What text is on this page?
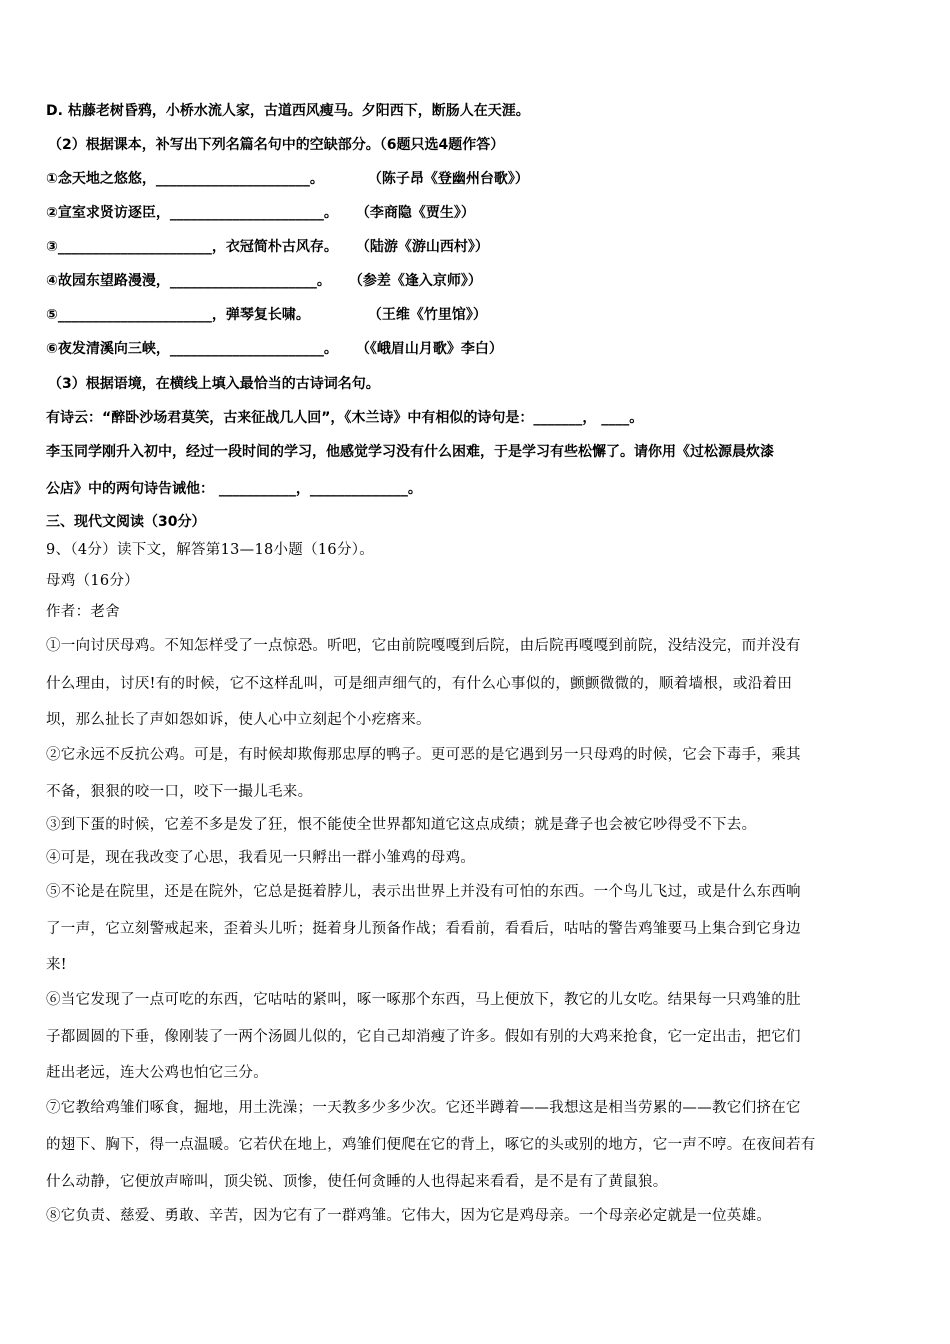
D. 枯藤老树昏鸦，小桥水流人家，古道西风瘦马。夕阳西下，断肠人在天涯。
（2）根据课本，补写出下列名篇名句中的空缺部分。（6题只选4题作答）
①念天地之悠悠，______________________。	（陈子昂《登幽州台歌》）
②宣室求贤访逐臣，______________________。 （李商隐《贾生》）
③______________________，衣冠简朴古风存。 （陆游《游山西村》）
④故园东望路漫漫，_____________________。 （参差《逢入京师》）
⑤______________________，弹琴复长啸。	（王维《竹里馆》）
⑥夜发清溪向三峡，______________________。 （《峨眉山月歌》李白）
（3）根据语境，在横线上填入最恰当的古诗词名句。
有诗云：“醉卧沙场君莫笑，古来征战几人回”，《木兰诗》中有相似的诗句是：_______， ____。
李玉同学刚升入初中，经过一段时间的学习，他感觉学习没有什么困难，于是学习有些松懈了。请你用《过松源晨炊漆
公店》中的两句诗告诫他： ___________，______________。
三、现代文阅读（30分）
9、（4分）读下文，解答第13—18小题（16分）。
母鸡（16分）
作者：老舍
①一向讨厌母鸡。不知怎样受了一点惊恐。听吧，它由前院嘎嘎到后院，由后院再嘎嘎到前院，没结没完，而并没有
什么理由，讨厌!有的时候，它不这样乱叫，可是细声细气的，有什么心事似的，颤颤微微的，顺着墙根，或沿着田
坝，那么扯长了声如怨如诉，使人心中立刻起个小疙瘩来。
②它永远不反抗公鸡。可是，有时候却欺侮那忠厚的鸭子。更可恶的是它遇到另一只母鸡的时候，它会下毒手，乘其
不备，狠狠的咬一口，咬下一撮儿毛来。
③到下蛋的时候，它差不多是发了狂，恨不能使全世界都知道它这点成绩；就是聋子也会被它吵得受不下去。
④可是，现在我改变了心思，我看见一只孵出一群小雏鸡的母鸡。
⑤不论是在院里，还是在院外，它总是挺着脖儿，表示出世界上并没有可怕的东西。一个鸟儿飞过，或是什么东西响
了一声，它立刻警戒起来，歪着头儿听；挺着身儿预备作战；看看前，看看后，咕咕的警告鸡雏要马上集合到它身边
来!
⑥当它发现了一点可吃的东西，它咕咕的紧叫，啄一啄那个东西，马上便放下，教它的儿女吃。结果每一只鸡雏的肚
子都圆圆的下垂，像刚装了一两个汤圆儿似的，它自己却消瘦了许多。假如有别的大鸡来抢食，它一定出击，把它们
赶出老远，连大公鸡也怕它三分。
⑦它教给鸡雏们啄食，掘地，用土洗澡；一天教多少多少次。它还半蹲着——我想这是相当劳累的——教它们挤在它
的翅下、胸下，得一点温暖。它若伏在地上，鸡雏们便爬在它的背上，啄它的头或别的地方，它一声不哼。在夜间若有
什么动静，它便放声啼叫，顶尖锐、顶惨，使任何贪睡的人也得起来看看，是不是有了黄鼠狼。
⑧它负责、慈爱、勇敢、辛苦，因为它有了一群鸡雏。它伟大，因为它是鸡母亲。一个母亲必定就是一位英雄。
